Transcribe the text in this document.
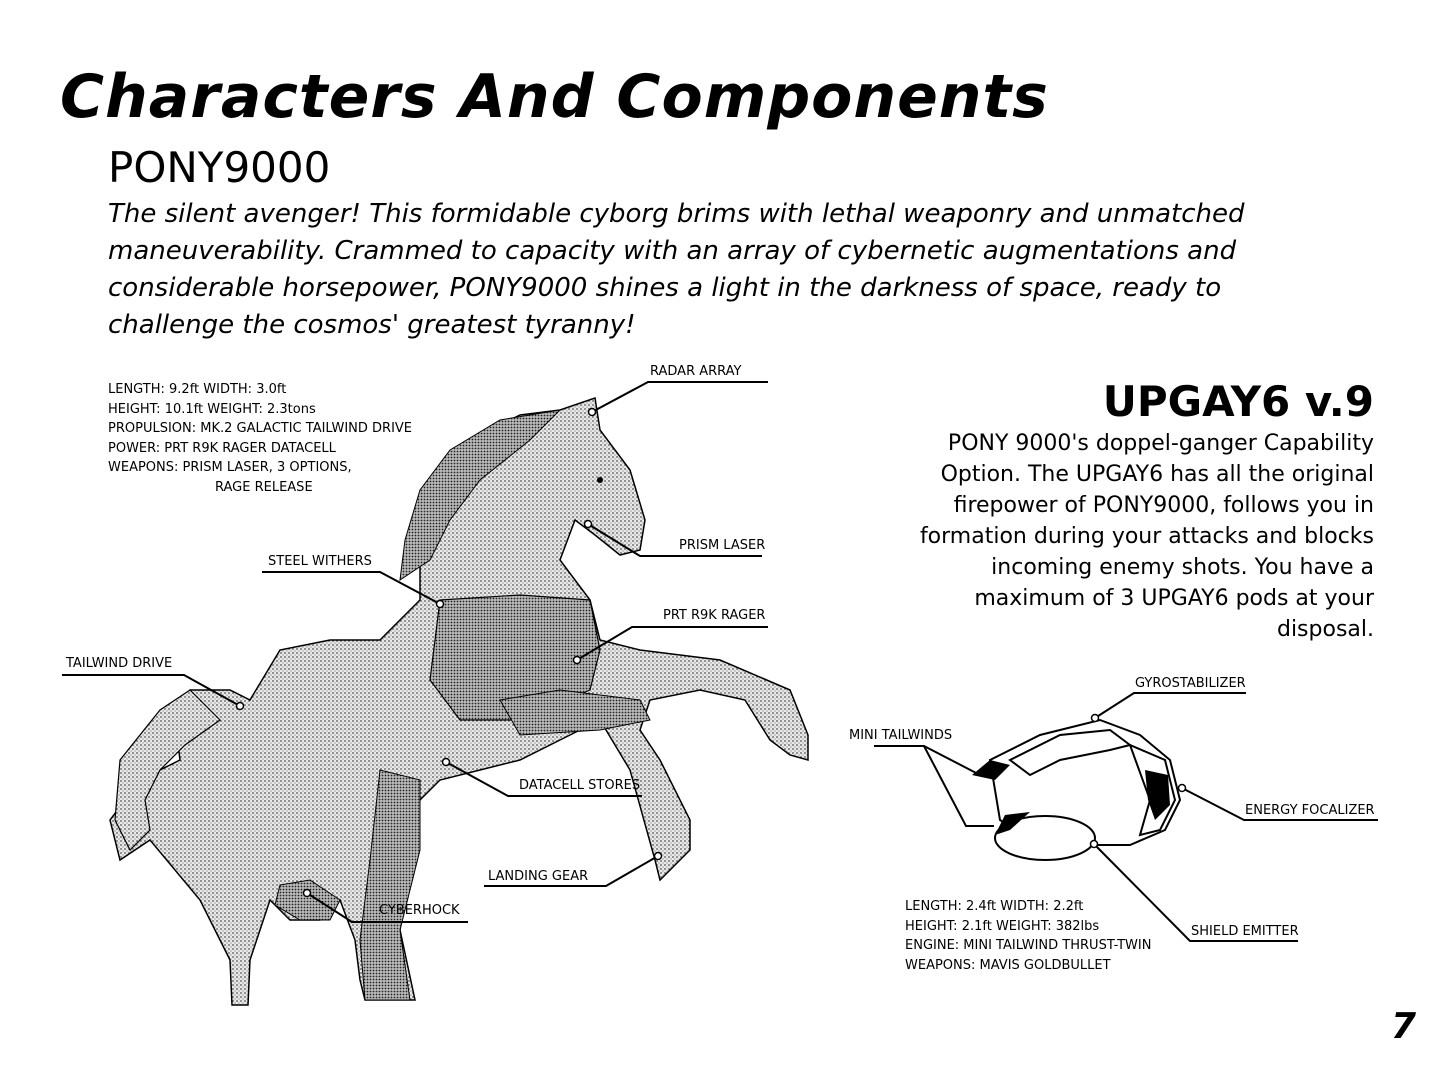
Characters And Components
PONY9000
The silent avenger! This formidable cyborg brims with lethal weaponry and unmatched maneuverability. Crammed to capacity with an array of cybernetic augmentations and considerable horsepower, PONY9000 shines a light in the darkness of space, ready to challenge the cosmos' greatest tyranny!
LENGTH: 9.2ft WIDTH: 3.0ft
HEIGHT: 10.1ft WEIGHT: 2.3tons
PROPULSION: MK.2 GALACTIC TAILWIND DRIVE
POWER: PRT R9K RAGER DATACELL
WEAPONS: PRISM LASER, 3 OPTIONS,
RAGE RELEASE
RADAR ARRAY
PRISM LASER
STEEL WITHERS
PRT R9K RAGER
TAILWIND DRIVE
DATACELL STORES
LANDING GEAR
CYBERHOCK
UPGAY6 v.9
PONY 9000's doppel-ganger Capability Option. The UPGAY6 has all the original firepower of PONY9000, follows you in formation during your attacks and blocks incoming enemy shots. You have a maximum of 3 UPGAY6 pods at your disposal.
GYROSTABILIZER
MINI TAILWINDS
ENERGY FOCALIZER
SHIELD EMITTER
LENGTH: 2.4ft WIDTH: 2.2ft
HEIGHT: 2.1ft WEIGHT: 382lbs
ENGINE: MINI TAILWIND THRUST-TWIN
WEAPONS: MAVIS GOLDBULLET
7
